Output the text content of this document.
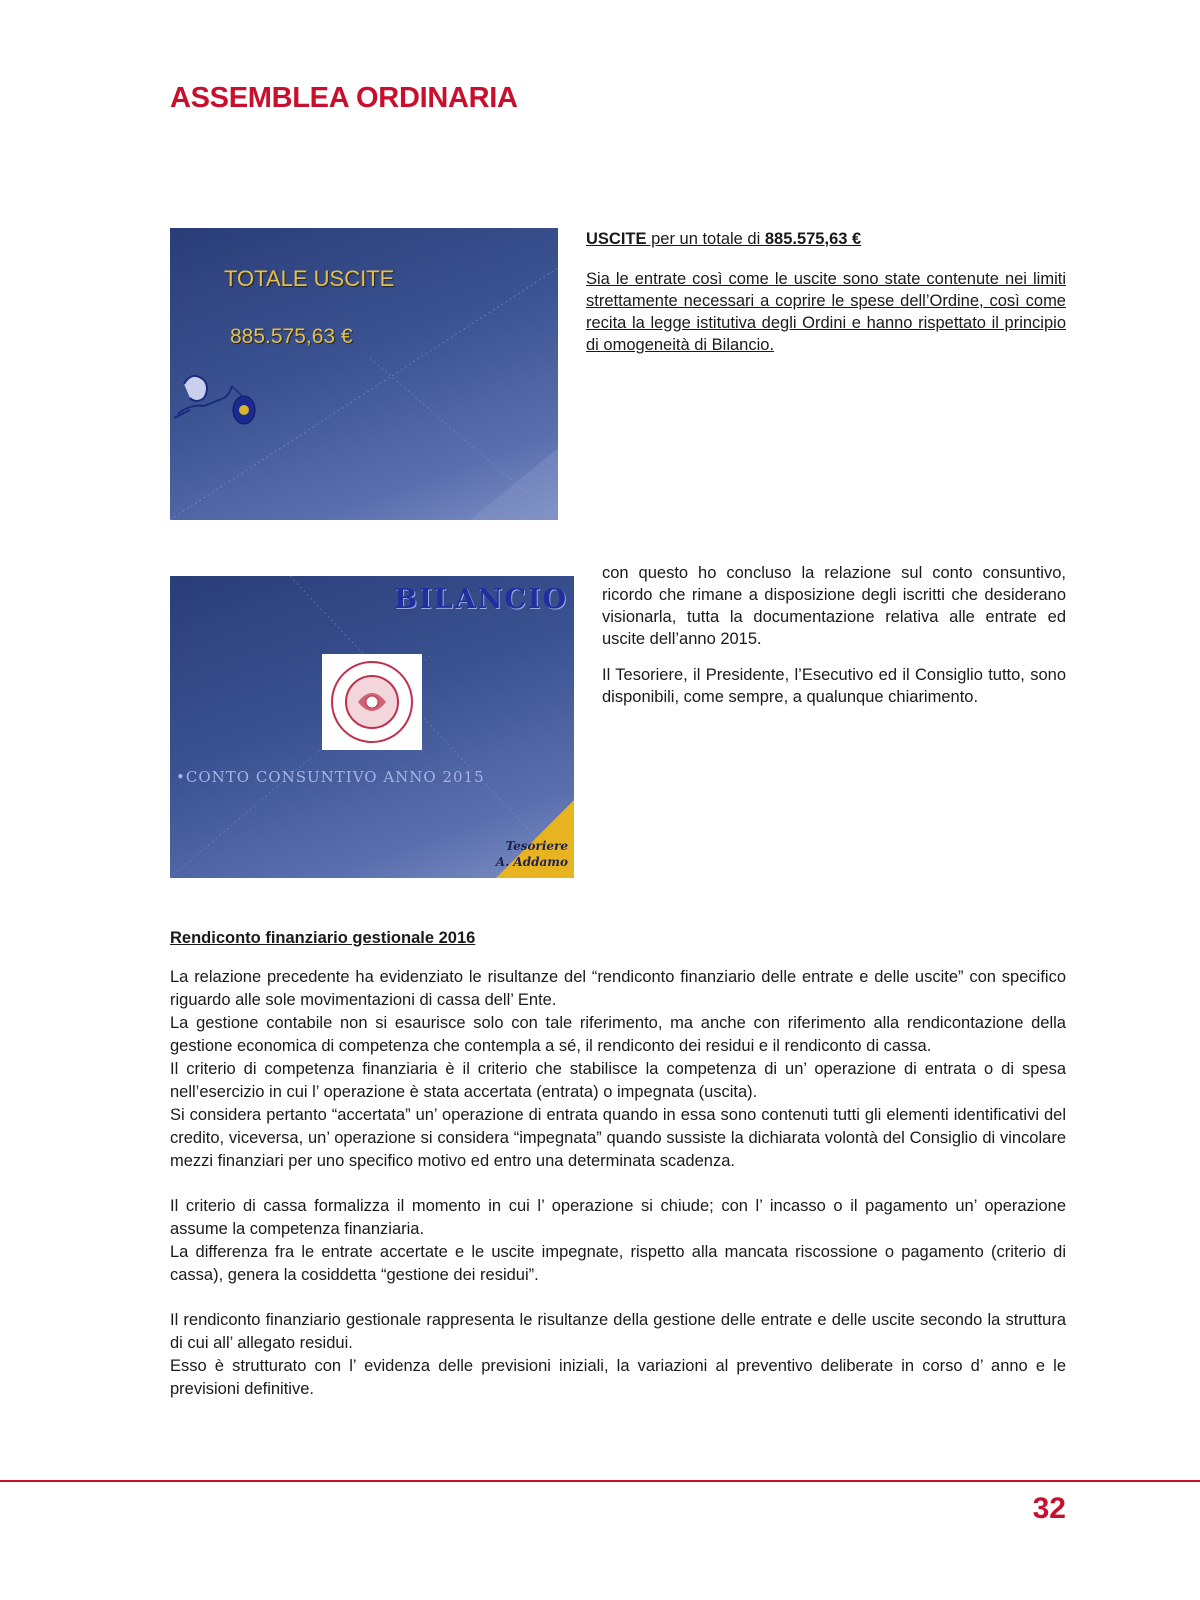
ASSEMBLEA ORDINARIA
TOTALE USCITE
885.575,63 €

USCITE per un totale di 885.575,63 €

Sia le entrate così come le uscite sono state contenute nei limiti strettamente necessari a coprire le spese dell’Ordine, così come recita la legge istitutiva degli Ordini e hanno rispettato il principio di omogeneità di Bilancio.

BILANCIO
•CONTO CONSUNTIVO ANNO 2015
Tesoriere
A. Addamo

con questo ho concluso la relazione sul conto consuntivo, ricordo che rimane a disposizione degli iscritti che desiderano visionarla, tutta la documentazione relativa alle entrate ed uscite dell’anno 2015.

Il Tesoriere, il Presidente, l’Esecutivo ed il Consiglio tutto, sono disponibili, come sempre, a qualunque chiarimento.

Rendiconto finanziario gestionale 2016
La relazione precedente ha evidenziato le risultanze del “rendiconto finanziario delle entrate e delle uscite” con specifico riguardo alle sole movimentazioni di cassa dell’ Ente.
La gestione contabile non si esaurisce solo con tale riferimento, ma anche con riferimento alla rendicontazione della gestione economica di competenza che contempla a sé, il rendiconto dei residui e il rendiconto di cassa.
Il criterio di competenza finanziaria è il criterio che stabilisce la competenza di un’ operazione di entrata o di spesa nell’esercizio in cui l’ operazione è stata accertata (entrata) o impegnata (uscita).
Si considera pertanto “accertata” un’ operazione di entrata quando in essa sono contenuti tutti gli elementi identificativi del credito, viceversa, un’ operazione si considera “impegnata” quando sussiste la dichiarata volontà del Consiglio di vincolare mezzi finanziari per uno specifico motivo ed entro una determinata scadenza.
Il criterio di cassa formalizza il momento in cui l’ operazione si chiude; con l’ incasso o il pagamento un’ operazione assume la competenza finanziaria.
La differenza fra le entrate accertate e le uscite impegnate, rispetto alla mancata riscossione o pagamento (criterio di cassa), genera la cosiddetta “gestione dei residui”.
Il rendiconto finanziario gestionale rappresenta le risultanze della gestione delle entrate e delle uscite secondo la struttura di cui all’ allegato residui.
Esso è strutturato con l’ evidenza delle previsioni iniziali, la variazioni al preventivo deliberate in corso d’ anno e le previsioni definitive.
32
